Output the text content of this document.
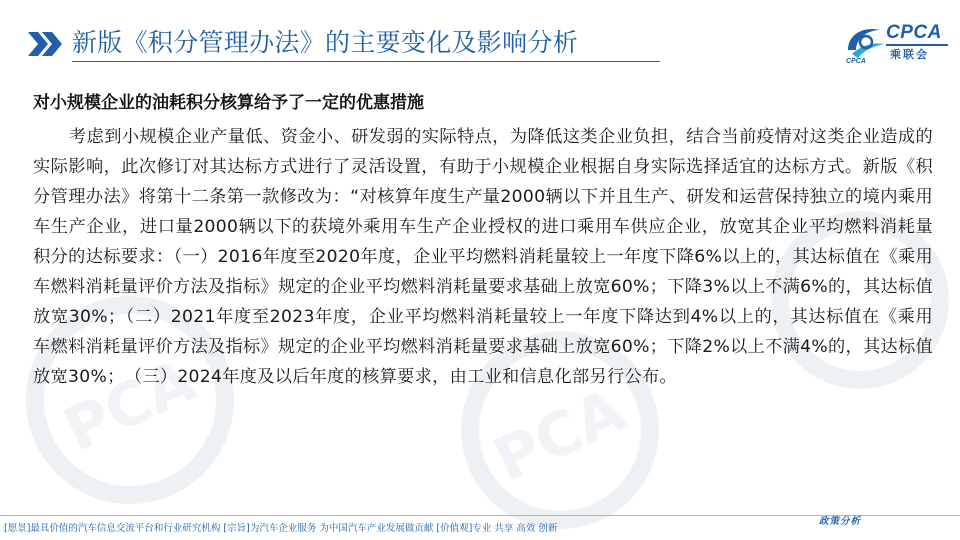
PCA	PCA
新版《积分管理办法》的主要变化及影响分析
CPCA
CPCA
乘联会
对小规模企业的油耗积分核算给予了一定的优惠措施
考虑到小规模企业产量低、资金小、研发弱的实际特点，为降低这类企业负担，结合当前疫情对这类企业造成的实际影响，此次修订对其达标方式进行了灵活设置，有助于小规模企业根据自身实际选择适宜的达标方式。新版《积分管理办法》将第十二条第一款修改为：“对核算年度生产量2000辆以下并且生产、研发和运营保持独立的境内乘用车生产企业，进口量2000辆以下的获境外乘用车生产企业授权的进口乘用车供应企业，放宽其企业平均燃料消耗量积分的达标要求：（一）2016年度至2020年度，企业平均燃料消耗量较上一年度下降6%以上的，其达标值在《乘用车燃料消耗量评价方法及指标》规定的企业平均燃料消耗量要求基础上放宽60%；下降3%以上不满6%的，其达标值放宽30%；（二）2021年度至2023年度，企业平均燃料消耗量较上一年度下降达到4%以上的，其达标值在《乘用车燃料消耗量评价方法及指标》规定的企业平均燃料消耗量要求基础上放宽60%；下降2%以上不满4%的，其达标值放宽30%；　（三）2024年度及以后年度的核算要求，由工业和信息化部另行公布。
[愿景]最具价值的汽车信息交流平台和行业研究机构 [宗旨]为汽车企业服务 为中国汽车产业发展做贡献 [价值观]专业 共享 高效 创新
政策分析
